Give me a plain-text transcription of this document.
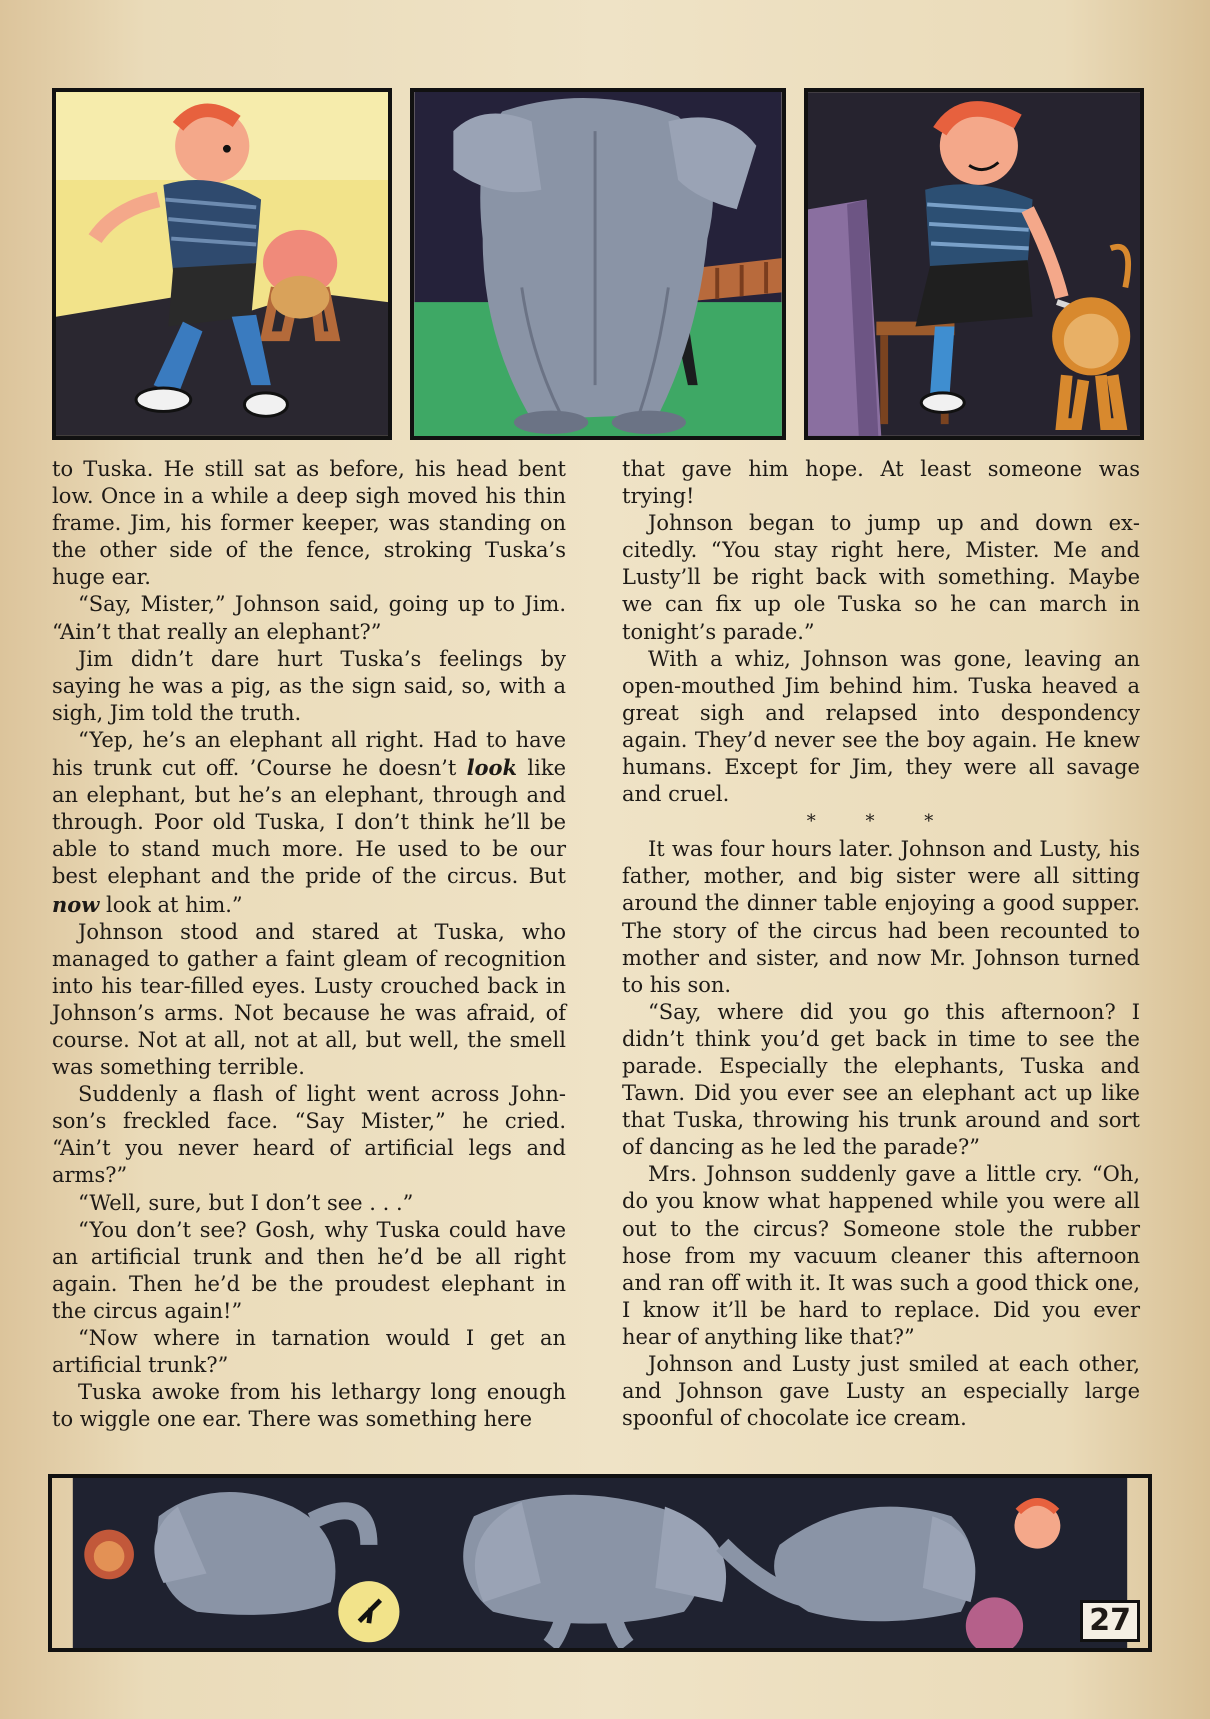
to Tuska. He still sat as before, his head bent low. Once in a while a deep sigh moved his thin frame. Jim, his former keeper, was standing on the other side of the fence, stroking Tuska’s huge ear.

“Say, Mister,” Johnson said, going up to Jim. “Ain’t that really an elephant?”

Jim didn’t dare hurt Tuska’s feelings by saying he was a pig, as the sign said, so, with a sigh, Jim told the truth.

“Yep, he’s an elephant all right. Had to have his trunk cut off. ’Course he doesn’t look like an elephant, but he’s an elephant, through and through. Poor old Tuska, I don’t think he’ll be able to stand much more. He used to be our best elephant and the pride of the circus. But now look at him.”

Johnson stood and stared at Tuska, who managed to gather a faint gleam of recognition into his tear-filled eyes. Lusty crouched back in Johnson’s arms. Not because he was afraid, of course. Not at all, not at all, but well, the smell was something terrible.

Suddenly a flash of light went across Johnson’s freckled face. “Say Mister,” he cried. “Ain’t you never heard of artificial legs and arms?”

“Well, sure, but I don’t see . . .”

“You don’t see? Gosh, why Tuska could have an artificial trunk and then he’d be all right again. Then he’d be the proudest elephant in the circus again!”

“Now where in tarnation would I get an artificial trunk?”

Tuska awoke from his lethargy long enough to wiggle one ear. There was something here

that gave him hope. At least someone was trying!

Johnson began to jump up and down excitedly. “You stay right here, Mister. Me and Lusty’ll be right back with something. Maybe we can fix up ole Tuska so he can march in tonight’s parade.”

With a whiz, Johnson was gone, leaving an open-mouthed Jim behind him. Tuska heaved a great sigh and relapsed into despondency again. They’d never see the boy again. He knew humans. Except for Jim, they were all savage and cruel.

* * *

It was four hours later. Johnson and Lusty, his father, mother, and big sister were all sitting around the dinner table enjoying a good supper. The story of the circus had been recounted to mother and sister, and now Mr. Johnson turned to his son.

“Say, where did you go this afternoon? I didn’t think you’d get back in time to see the parade. Especially the elephants, Tuska and Tawn. Did you ever see an elephant act up like that Tuska, throwing his trunk around and sort of dancing as he led the parade?”

Mrs. Johnson suddenly gave a little cry. “Oh, do you know what happened while you were all out to the circus? Someone stole the rubber hose from my vacuum cleaner this afternoon and ran off with it. It was such a good thick one, I know it’ll be hard to replace. Did you ever hear of anything like that?”

Johnson and Lusty just smiled at each other, and Johnson gave Lusty an especially large spoonful of chocolate ice cream.

27
